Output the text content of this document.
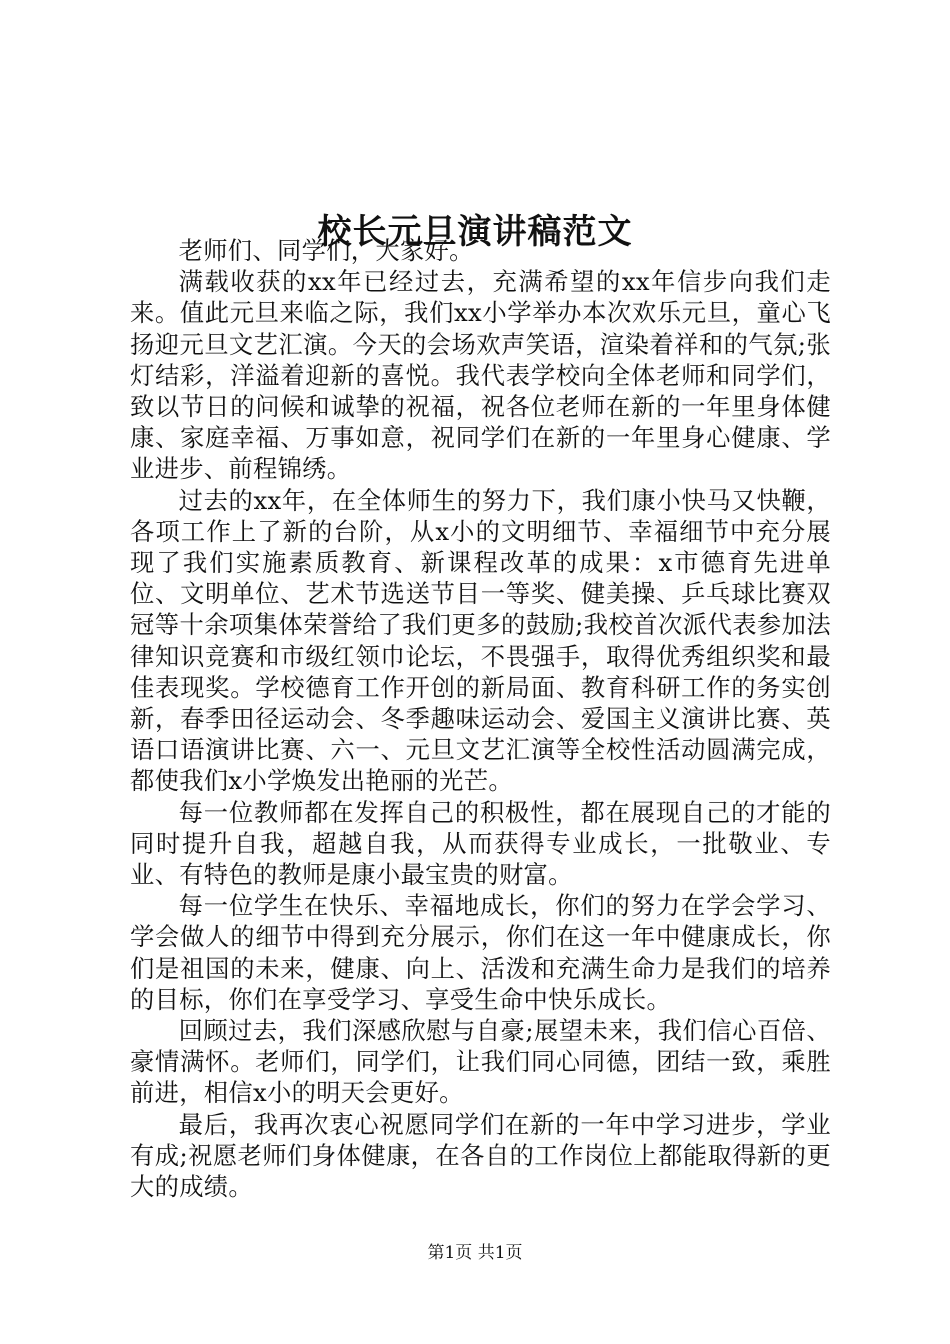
校长元旦演讲稿范文

老师们、同学们，大家好。

满载收获的xx年已经过去，充满希望的xx年信步向我们走来。值此元旦来临之际，我们xx小学举办本次欢乐元旦，童心飞扬迎元旦文艺汇演。今天的会场欢声笑语，渲染着祥和的气氛;张灯结彩，洋溢着迎新的喜悦。我代表学校向全体老师和同学们，致以节日的问候和诚挚的祝福，祝各位老师在新的一年里身体健康、家庭幸福、万事如意，祝同学们在新的一年里身心健康、学业进步、前程锦绣。

过去的xx年，在全体师生的努力下，我们康小快马又快鞭，各项工作上了新的台阶，从x小的文明细节、幸福细节中充分展现了我们实施素质教育、新课程改革的成果：x市德育先进单位、文明单位、艺术节选送节目一等奖、健美操、乒乓球比赛双冠等十余项集体荣誉给了我们更多的鼓励;我校首次派代表参加法律知识竞赛和市级红领巾论坛，不畏强手，取得优秀组织奖和最佳表现奖。学校德育工作开创的新局面、教育科研工作的务实创新，春季田径运动会、冬季趣味运动会、爱国主义演讲比赛、英语口语演讲比赛、六一、元旦文艺汇演等全校性活动圆满完成，都使我们x小学焕发出艳丽的光芒。

每一位教师都在发挥自己的积极性，都在展现自己的才能的同时提升自我，超越自我，从而获得专业成长，一批敬业、专业、有特色的教师是康小最宝贵的财富。

每一位学生在快乐、幸福地成长，你们的努力在学会学习、学会做人的细节中得到充分展示，你们在这一年中健康成长，你们是祖国的未来，健康、向上、活泼和充满生命力是我们的培养的目标，你们在享受学习、享受生命中快乐成长。

回顾过去，我们深感欣慰与自豪;展望未来，我们信心百倍、豪情满怀。老师们，同学们，让我们同心同德，团结一致，乘胜前进，相信x小的明天会更好。

最后，我再次衷心祝愿同学们在新的一年中学习进步，学业有成;祝愿老师们身体健康，在各自的工作岗位上都能取得新的更大的成绩。

第1页 共1页
